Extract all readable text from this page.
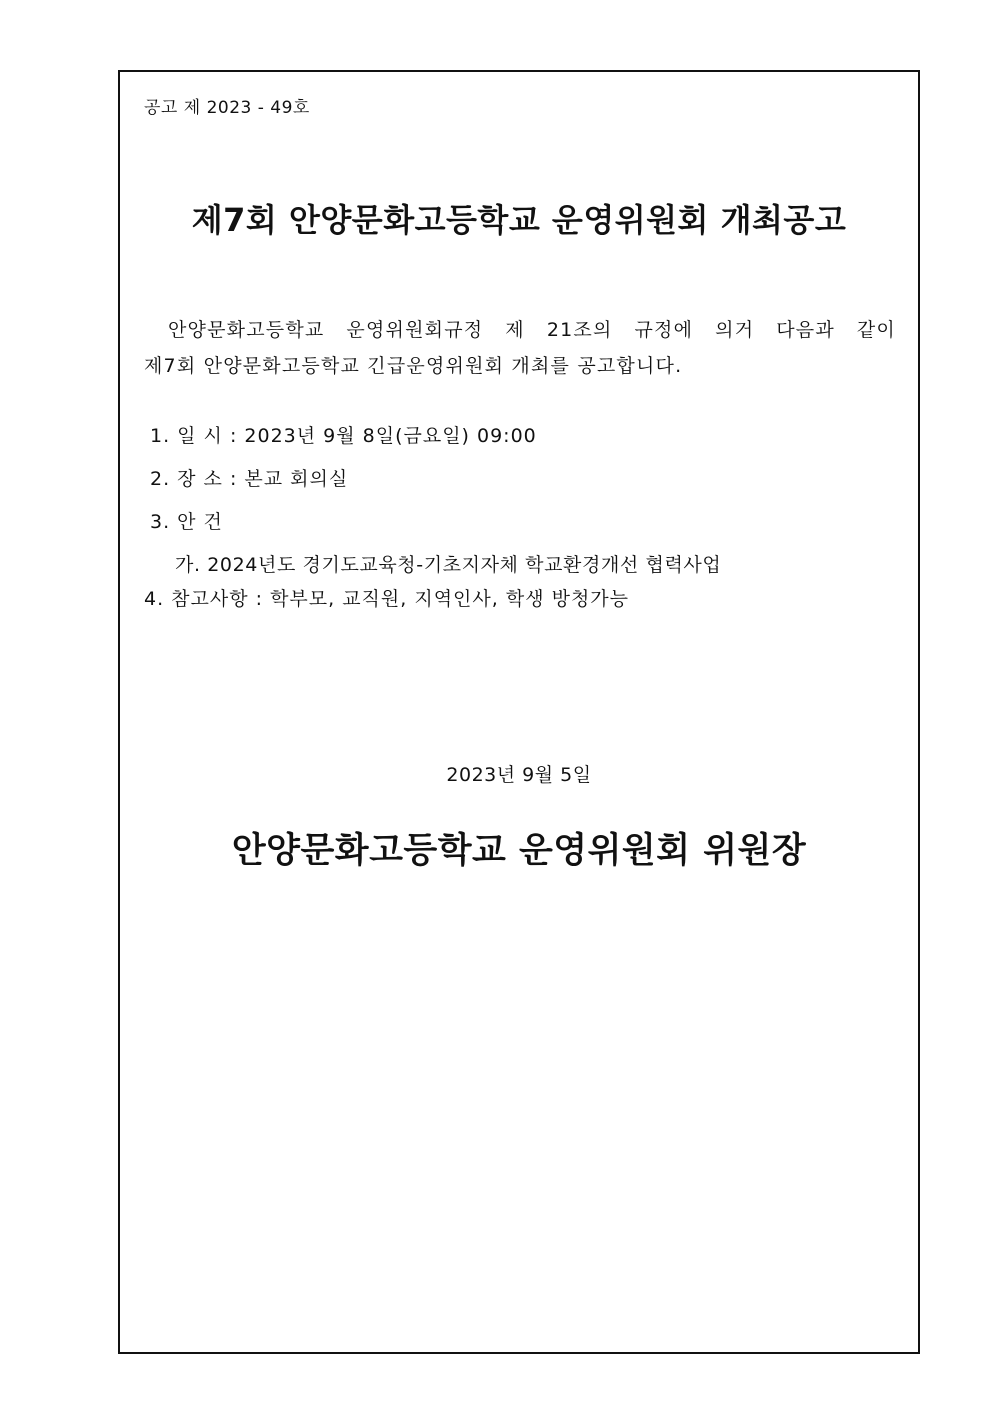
공고 제 2023 - 49호
제7회 안양문화고등학교 운영위원회 개최공고
안양문화고등학교 운영위원회규정 제 21조의 규정에 의거 다음과 같이
제7회 안양문화고등학교 긴급운영위원회 개최를 공고합니다.
1. 일 시 : 2023년 9월 8일(금요일) 09:00
2. 장 소 : 본교 회의실
3. 안 건
가. 2024년도 경기도교육청-기초지자체 학교환경개선 협력사업
4. 참고사항 : 학부모, 교직원, 지역인사, 학생 방청가능
2023년 9월 5일
안양문화고등학교 운영위원회 위원장
